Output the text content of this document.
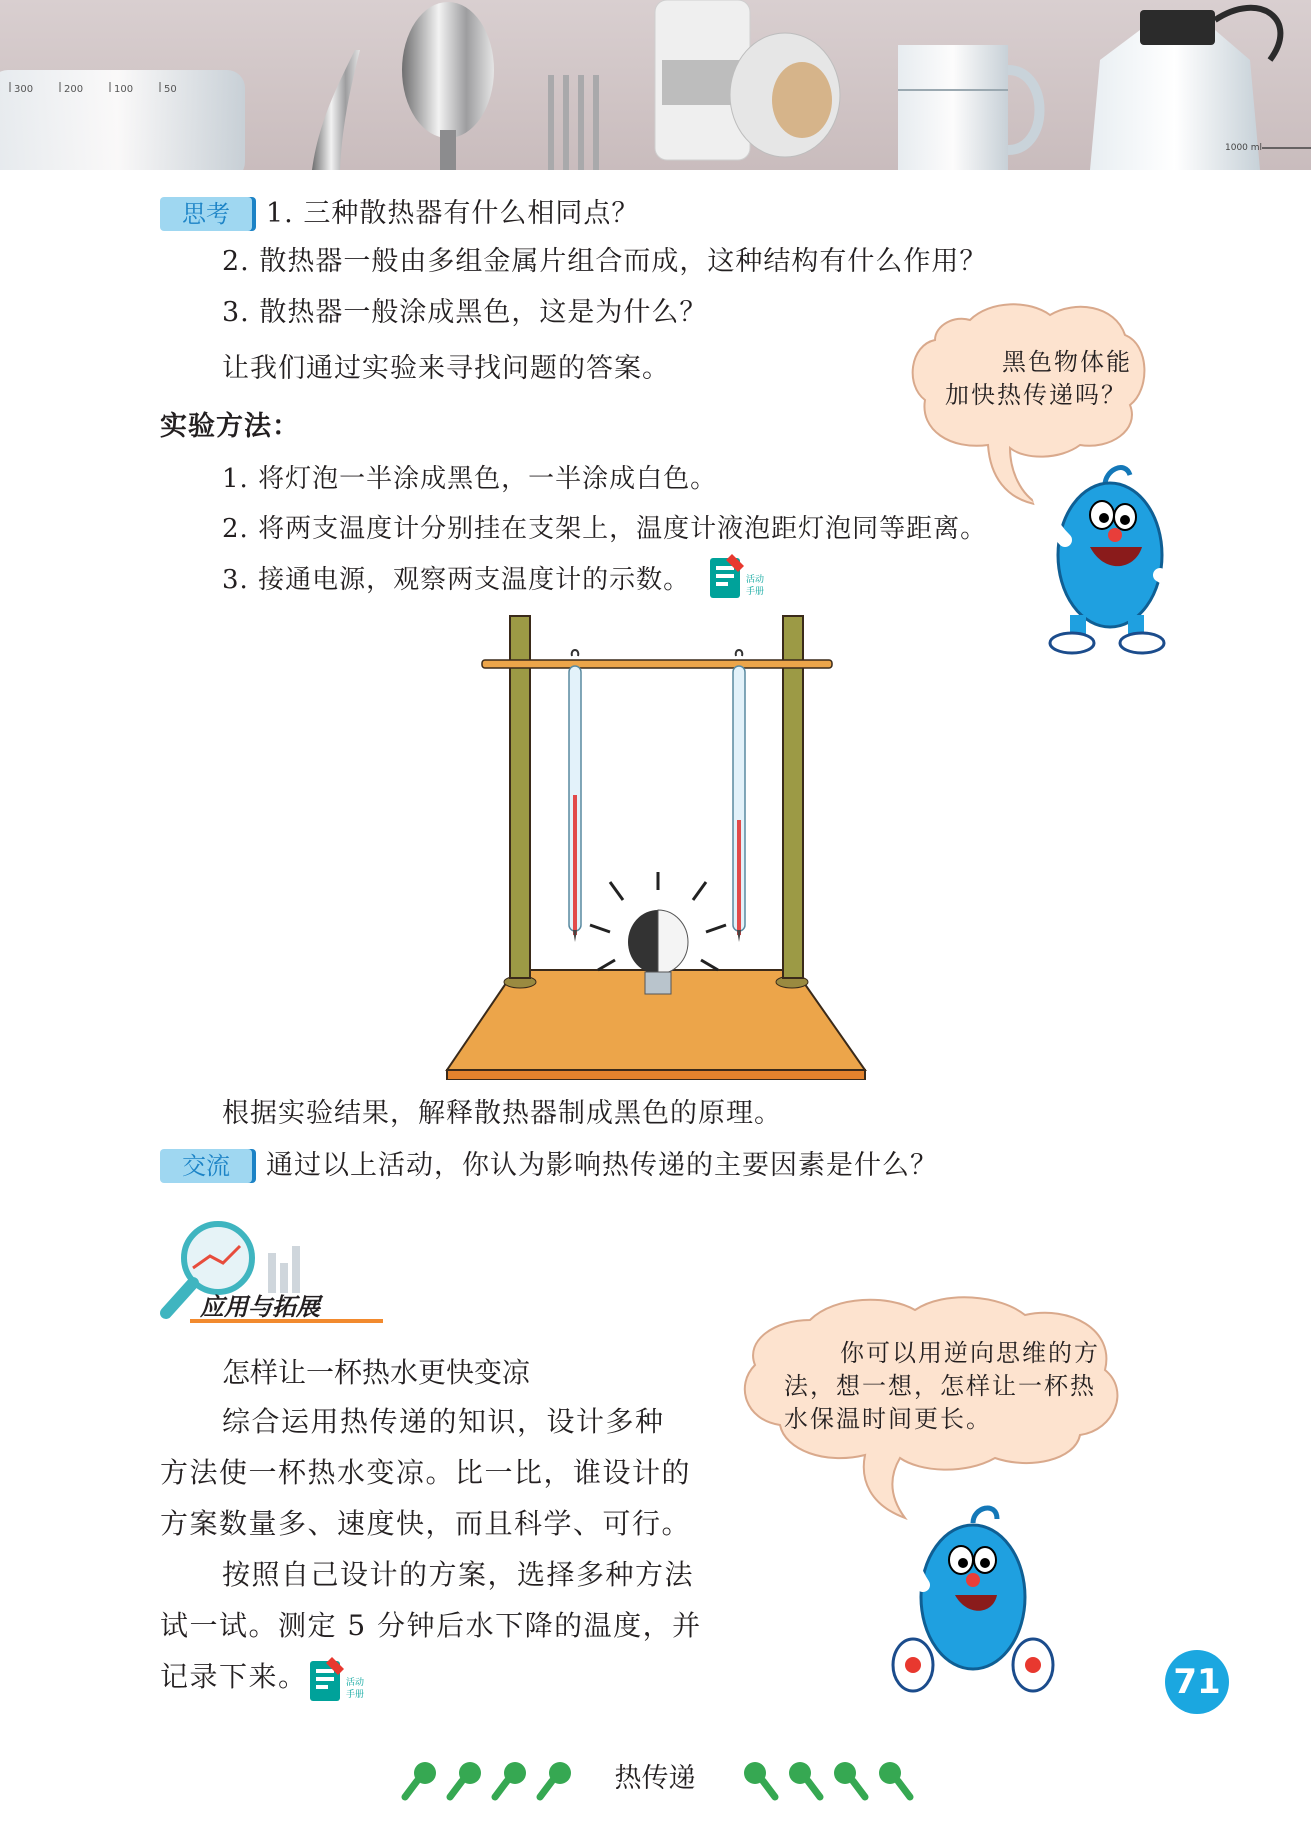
300	200	100	50
1000 ml
思考	1. 三种散热器有什么相同点？
2. 散热器一般由多组金属片组合而成，这种结构有什么作用？
3. 散热器一般涂成黑色，这是为什么？
让我们通过实验来寻找问题的答案。	黑色物体能
加快热传递吗？
实验方法：
1. 将灯泡一半涂成黑色，一半涂成白色。
2. 将两支温度计分别挂在支架上，温度计液泡距灯泡同等距离。
3. 接通电源，观察两支温度计的示数。	活动
手册
根据实验结果，解释散热器制成黑色的原理。
交流	通过以上活动，你认为影响热传递的主要因素是什么？
应用与拓展
怎样让一杯热水更快变凉
综合运用热传递的知识，设计多种
方法使一杯热水变凉。比一比，谁设计的
方案数量多、速度快，而且科学、可行。
按照自己设计的方案，选择多种方法
试一试。测定 5 分钟后水下降的温度，并
记录下来。	活动
手册
你可以用逆向思维的方
法，想一想，怎样让一杯热
水保温时间更长。
71
热传递
